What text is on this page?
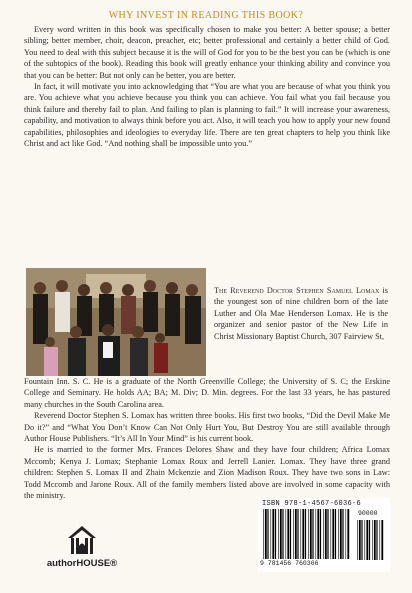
WHY INVEST IN READING THIS BOOK?

Every word written in this book was specifically chosen to make you better: A better spouse; a better sibling; better member, choir, deacon, preacher, etc; better professional and certainly a better child of God. You need to deal with this subject because it is the will of God for you to be the best you can be (which is one of the subtopics of the book). Reading this book will greatly enhance your thinking ability and convince you that you can be better: But not only can be better, you are better.

In fact, it will motivate you into acknowledging that “You are what you are because of what you think you are. You achieve what you achieve because you think you can achieve. You fail what you fail because you think failure and thereby fail to plan. And failing to plan is planning to fail.” It will increase your awareness, capability, and motivation to always think before you act. Also, it will teach you how to apply your new found capabilities, philosophies and ideologies to everyday life. There are ten great chapters to help you think like Christ and act like God. “And nothing shall be impossible unto you.”

The Reverend Doctor Stephen Samuel Lomax is the youngest son of nine children born of the late Luther and Ola Mae Henderson Lomax. He is the organizer and senior pastor of the New Life in Christ Missionary Baptist Church, 307 Fairview St,

Fountain Inn. S. C. He is a graduate of the North Greenville College; the University of S. C; the Erskine College and Seminary. He holds AA; BA; M. Div; D. Min. degrees. For the last 33 years, he has pastured many churches in the South Carolina area.

Reverend Doctor Stephen S. Lomax has written three books. His first two books, “Did the Devil Make Me Do it?” and “What You Don’t Know Can Not Only Hurt You, But Destroy You are still available through Author House Publishers. “It’s All In Your Mind” is his current book.

He is married to the former Mrs. Frances Delores Shaw and they have four children; Africa Lomax Mccomb; Kenya J. Lomax; Stephanie Lomax Roux and Jerrell Lanier. Lomax. They have three grand children: Stephen S. Lomax II and Zhain Mckenzie and Zion Madison Roux. They have two sons in Law: Todd Mccomb and Jarone Roux. All of the family members listed above are involved in some capacity with the ministry.

authorHOUSE®
ISBN 978-1-4567-6036-6
9 781456 760366
90000
